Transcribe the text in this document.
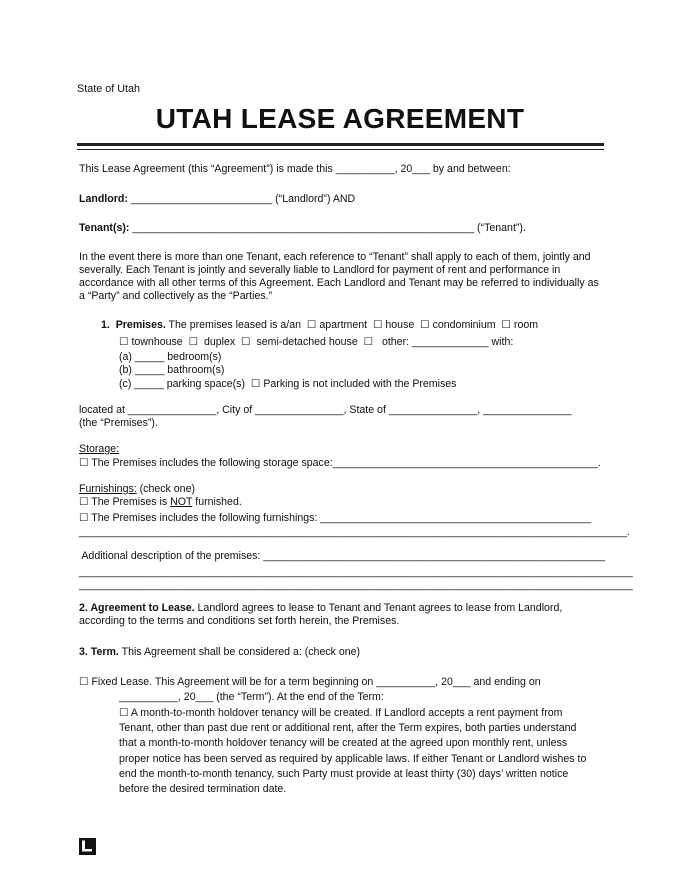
State of Utah
UTAH LEASE AGREEMENT
This Lease Agreement (this “Agreement”) is made this __________, 20___ by and between:
Landlord: ________________________ (“Landlord”) AND
Tenant(s): __________________________________________________________ (“Tenant”).
In the event there is more than one Tenant, each reference to “Tenant” shall apply to each of them, jointly and severally. Each Tenant is jointly and severally liable to Landlord for payment of rent and performance in accordance with all other terms of this Agreement. Each Landlord and Tenant may be referred to individually as a “Party” and collectively as the “Parties.”
1. Premises. The premises leased is a/an  ☐ apartment  ☐ house  ☐ condominium  ☐ room
☐ townhouse  ☐  duplex  ☐  semi-detached house  ☐   other: _____________ with:
(a) _____ bedroom(s)
(b) _____ bathroom(s)
(c) _____ parking space(s)  ☐ Parking is not included with the Premises
located at _______________, City of _______________, State of _______________, _______________
(the “Premises”).
Storage:
☐ The Premises includes the following storage space:_____________________________________________.
Furnishings: (check one)
☐ The Premises is NOT furnished.
☐ The Premises includes the following furnishings: ______________________________________________
_____________________________________________________________________________________________.
Additional description of the premises: __________________________________________________________
______________________________________________________________________________________________
______________________________________________________________________________________________
2. Agreement to Lease. Landlord agrees to lease to Tenant and Tenant agrees to lease from Landlord, according to the terms and conditions set forth herein, the Premises.
3. Term. This Agreement shall be considered a: (check one)
☐ Fixed Lease. This Agreement will be for a term beginning on __________, 20___ and ending on
__________, 20___ (the “Term”). At the end of the Term:
☐ A month-to-month holdover tenancy will be created. If Landlord accepts a rent payment from Tenant, other than past due rent or additional rent, after the Term expires, both parties understand that a month-to-month holdover tenancy will be created at the agreed upon monthly rent, unless proper notice has been served as required by applicable laws. If either Tenant or Landlord wishes to end the month-to-month tenancy, such Party must provide at least thirty (30) days’ written notice before the desired termination date.
